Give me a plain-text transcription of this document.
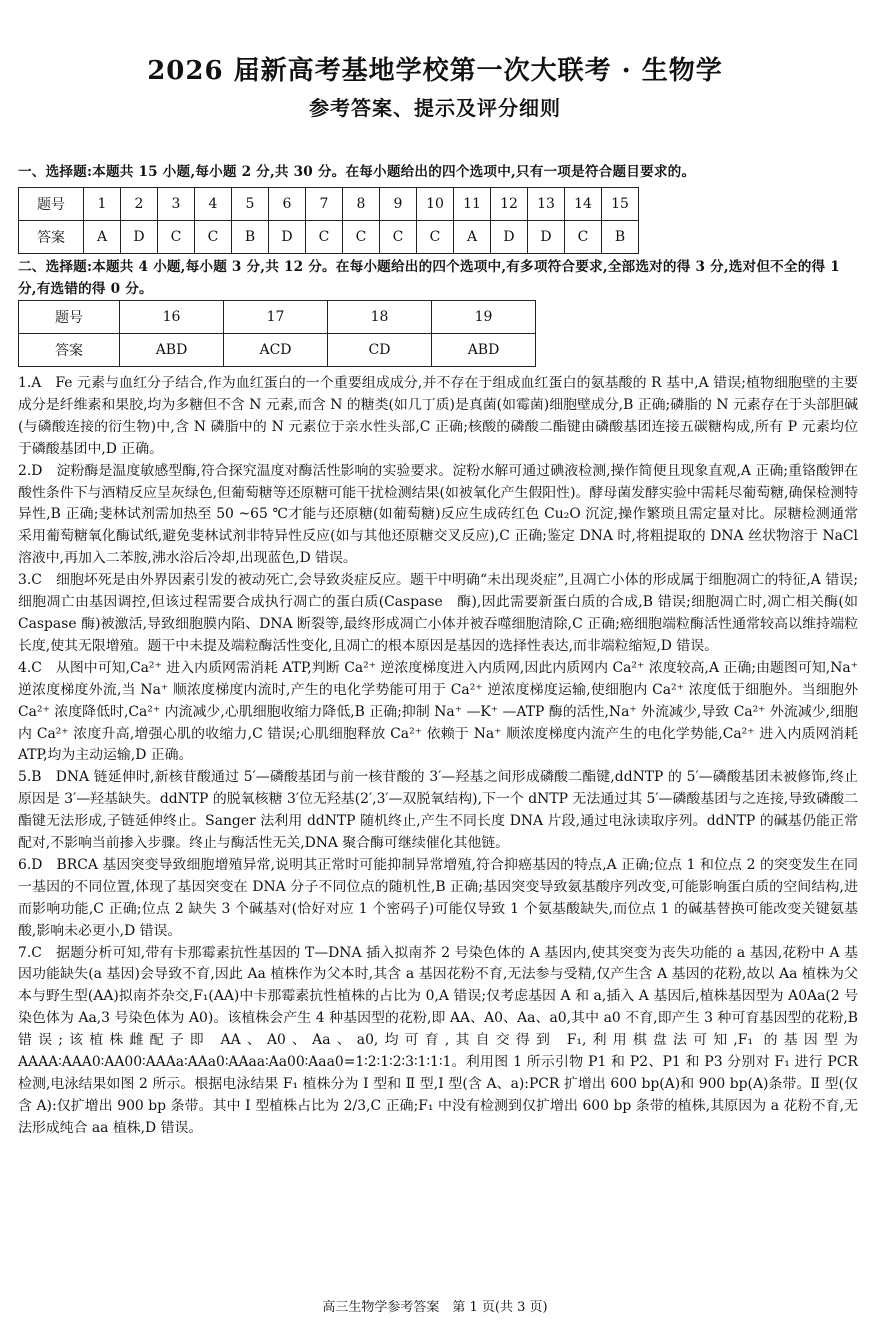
2026 届新高考基地学校第一次大联考 · 生物学
参考答案、提示及评分细则
一、选择题:本题共 15 小题,每小题 2 分,共 30 分。在每小题给出的四个选项中,只有一项是符合题目要求的。
题号	1	2	3	4	5	6	7	8	9	10	11	12	13	14	15
答案	A	D	C	C	B	D	C	C	C	C	A	D	D	C	B
二、选择题:本题共 4 小题,每小题 3 分,共 12 分。在每小题给出的四个选项中,有多项符合要求,全部选对的得 3 分,选对但不全的得 1 分,有选错的得 0 分。
题号	16	17	18	19
答案	ABD	ACD	CD	ABD

1.A　Fe 元素与血红分子结合,作为血红蛋白的一个重要组成成分,并不存在于组成血红蛋白的氨基酸的 R 基中,A 错误;植物细胞壁的主要成分是纤维素和果胶,均为多糖但不含 N 元素,而含 N 的糖类(如几丁质)是真菌(如霉菌)细胞壁成分,B 正确;磷脂的 N 元素存在于头部胆碱(与磷酸连接的衍生物)中,含 N 磷脂中的 N 元素位于亲水性头部,C 正确;核酸的磷酸二酯键由磷酸基团连接五碳糖构成,所有 P 元素均位于磷酸基团中,D 正确。

2.D　淀粉酶是温度敏感型酶,符合探究温度对酶活性影响的实验要求。淀粉水解可通过碘液检测,操作简便且现象直观,A 正确;重铬酸钾在酸性条件下与酒精反应呈灰绿色,但葡萄糖等还原糖可能干扰检测结果(如被氧化产生假阳性)。酵母菌发酵实验中需耗尽葡萄糖,确保检测特异性,B 正确;斐林试剂需加热至 50 ~65 ℃才能与还原糖(如葡萄糖)反应生成砖红色 Cu₂O 沉淀,操作繁琐且需定量对比。尿糖检测通常采用葡萄糖氧化酶试纸,避免斐林试剂非特异性反应(如与其他还原糖交叉反应),C 正确;鉴定 DNA 时,将粗提取的 DNA 丝状物溶于 NaCl 溶液中,再加入二苯胺,沸水浴后冷却,出现蓝色,D 错误。

3.C　细胞坏死是由外界因素引发的被动死亡,会导致炎症反应。题干中明确“未出现炎症”,且凋亡小体的形成属于细胞凋亡的特征,A 错误;细胞凋亡由基因调控,但该过程需要合成执行凋亡的蛋白质(Caspase　酶),因此需要新蛋白质的合成,B 错误;细胞凋亡时,凋亡相关酶(如 Caspase 酶)被激活,导致细胞膜内陷、DNA 断裂等,最终形成凋亡小体并被吞噬细胞清除,C 正确;癌细胞端粒酶活性通常较高以维持端粒长度,使其无限增殖。题干中未提及端粒酶活性变化,且凋亡的根本原因是基因的选择性表达,而非端粒缩短,D 错误。

4.C　从图中可知,Ca²⁺ 进入内质网需消耗 ATP,判断 Ca²⁺ 逆浓度梯度进入内质网,因此内质网内 Ca²⁺ 浓度较高,A 正确;由题图可知,Na⁺ 逆浓度梯度外流,当 Na⁺ 顺浓度梯度内流时,产生的电化学势能可用于 Ca²⁺ 逆浓度梯度运输,使细胞内 Ca²⁺ 浓度低于细胞外。当细胞外 Ca²⁺ 浓度降低时,Ca²⁺ 内流减少,心肌细胞收缩力降低,B 正确;抑制 Na⁺ —K⁺ —ATP 酶的活性,Na⁺ 外流减少,导致 Ca²⁺ 外流减少,细胞内 Ca²⁺ 浓度升高,增强心肌的收缩力,C 错误;心肌细胞释放 Ca²⁺ 依赖于 Na⁺ 顺浓度梯度内流产生的电化学势能,Ca²⁺ 进入内质网消耗 ATP,均为主动运输,D 正确。

5.B　DNA 链延伸时,新核苷酸通过 5′—磷酸基团与前一核苷酸的 3′—羟基之间形成磷酸二酯键,ddNTP 的 5′—磷酸基团未被修饰,终止原因是 3′—羟基缺失。ddNTP 的脱氧核糖 3′位无羟基(2′,3′—双脱氧结构),下一个 dNTP 无法通过其 5′—磷酸基团与之连接,导致磷酸二酯键无法形成,子链延伸终止。Sanger 法利用 ddNTP 随机终止,产生不同长度 DNA 片段,通过电泳读取序列。ddNTP 的碱基仍能正常配对,不影响当前掺入步骤。终止与酶活性无关,DNA 聚合酶可继续催化其他链。

6.D　BRCA 基因突变导致细胞增殖异常,说明其正常时可能抑制异常增殖,符合抑癌基因的特点,A 正确;位点 1 和位点 2 的突变发生在同一基因的不同位置,体现了基因突变在 DNA 分子不同位点的随机性,B 正确;基因突变导致氨基酸序列改变,可能影响蛋白质的空间结构,进而影响功能,C 正确;位点 2 缺失 3 个碱基对(恰好对应 1 个密码子)可能仅导致 1 个氨基酸缺失,而位点 1 的碱基替换可能改变关键氨基酸,影响未必更小,D 错误。

7.C　据题分析可知,带有卡那霉素抗性基因的 T—DNA 插入拟南芥 2 号染色体的 A 基因内,使其突变为丧失功能的 a 基因,花粉中 A 基因功能缺失(a 基因)会导致不育,因此 Aa 植株作为父本时,其含 a 基因花粉不育,无法参与受精,仅产生含 A 基因的花粉,故以 Aa 植株为父本与野生型(AA)拟南芥杂交,F₁(AA)中卡那霉素抗性植株的占比为 0,A 错误;仅考虑基因 A 和 a,插入 A 基因后,植株基因型为 A0Aa(2 号染色体为 Aa,3 号染色体为 A0)。该植株会产生 4 种基因型的花粉,即 AA、A0、Aa、a0,其中 a0 不育,即产生 3 种可育基因型的花粉,B 错误;该植株雌配子即 AA、A0、Aa、a0,均可育,其自交得到 F₁,利用棋盘法可知,F₁ 的基因型为 AAAA∶AAA0∶AA00∶AAAa∶AAa0∶AAaa∶Aa00∶Aaa0=1∶2∶1∶2∶3∶1∶1∶1。利用图 1 所示引物 P1 和 P2、P1 和 P3 分别对 F₁ 进行 PCR 检测,电泳结果如图 2 所示。根据电泳结果 F₁ 植株分为 Ⅰ 型和 Ⅱ 型,Ⅰ 型(含 A、a):PCR 扩增出 600 bp(A)和 900 bp(A)条带。Ⅱ 型(仅含 A):仅扩增出 900 bp 条带。其中 Ⅰ 型植株占比为 2/3,C 正确;F₁ 中没有检测到仅扩增出 600 bp 条带的植株,其原因为 a 花粉不育,无法形成纯合 aa 植株,D 错误。

高三生物学参考答案　第 1 页(共 3 页)
